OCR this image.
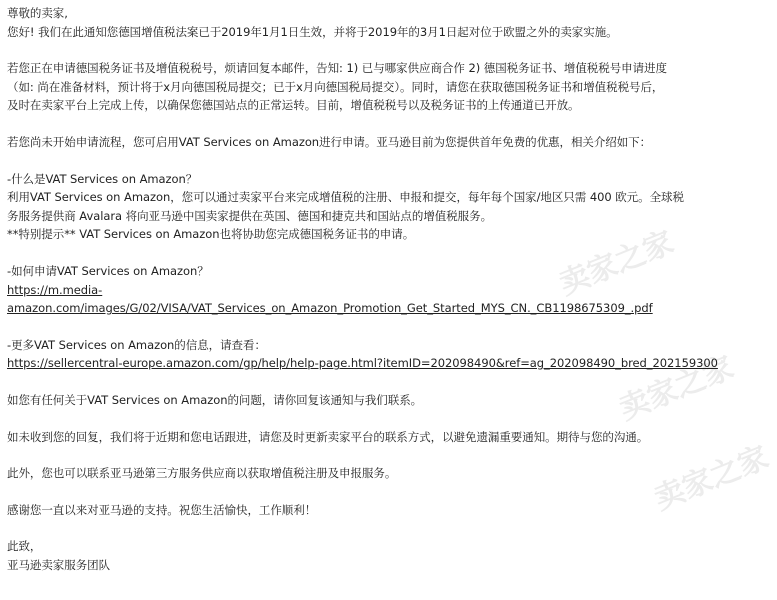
卖家之家
卖家之家
卖家之家
尊敬的卖家,
您好! 我们在此通知您德国增值税法案已于2019年1月1日生效，并将于2019年的3月1日起对位于欧盟之外的卖家实施。
若您正在申请德国税务证书及增值税税号，烦请回复本邮件，告知: 1) 已与哪家供应商合作 2) 德国税务证书、增值税税号申请进度
（如: 尚在准备材料，预计将于x月向德国税局提交；已于x月向德国税局提交）。同时，请您在获取德国税务证书和增值税税号后，
及时在卖家平台上完成上传，以确保您德国站点的正常运转。目前，增值税税号以及税务证书的上传通道已开放。
若您尚未开始申请流程，您可启用VAT Services on Amazon进行申请。亚马逊目前为您提供首年免费的优惠，相关介绍如下：
-什么是VAT Services on Amazon？
利用VAT Services on Amazon，您可以通过卖家平台来完成增值税的注册、申报和提交，每年每个国家/地区只需 400 欧元。全球税
务服务提供商 Avalara 将向亚马逊中国卖家提供在英国、德国和捷克共和国站点的增值税服务。
**特别提示** VAT Services on Amazon也将协助您完成德国税务证书的申请。
-如何申请VAT Services on Amazon？
https://m.media-
amazon.com/images/G/02/VISA/VAT_Services_on_Amazon_Promotion_Get_Started_MYS_CN._CB1198675309_.pdf
-更多VAT Services on Amazon的信息，请查看：
https://sellercentral-europe.amazon.com/gp/help/help-page.html?itemID=202098490&ref=ag_202098490_bred_202159300
如您有任何关于VAT Services on Amazon的问题，请你回复该通知与我们联系。
如未收到您的回复，我们将于近期和您电话跟进，请您及时更新卖家平台的联系方式，以避免遗漏重要通知。期待与您的沟通。
此外，您也可以联系亚马逊第三方服务供应商以获取增值税注册及申报服务。
感谢您一直以来对亚马逊的支持。祝您生活愉快，工作顺利！
此致，
亚马逊卖家服务团队
